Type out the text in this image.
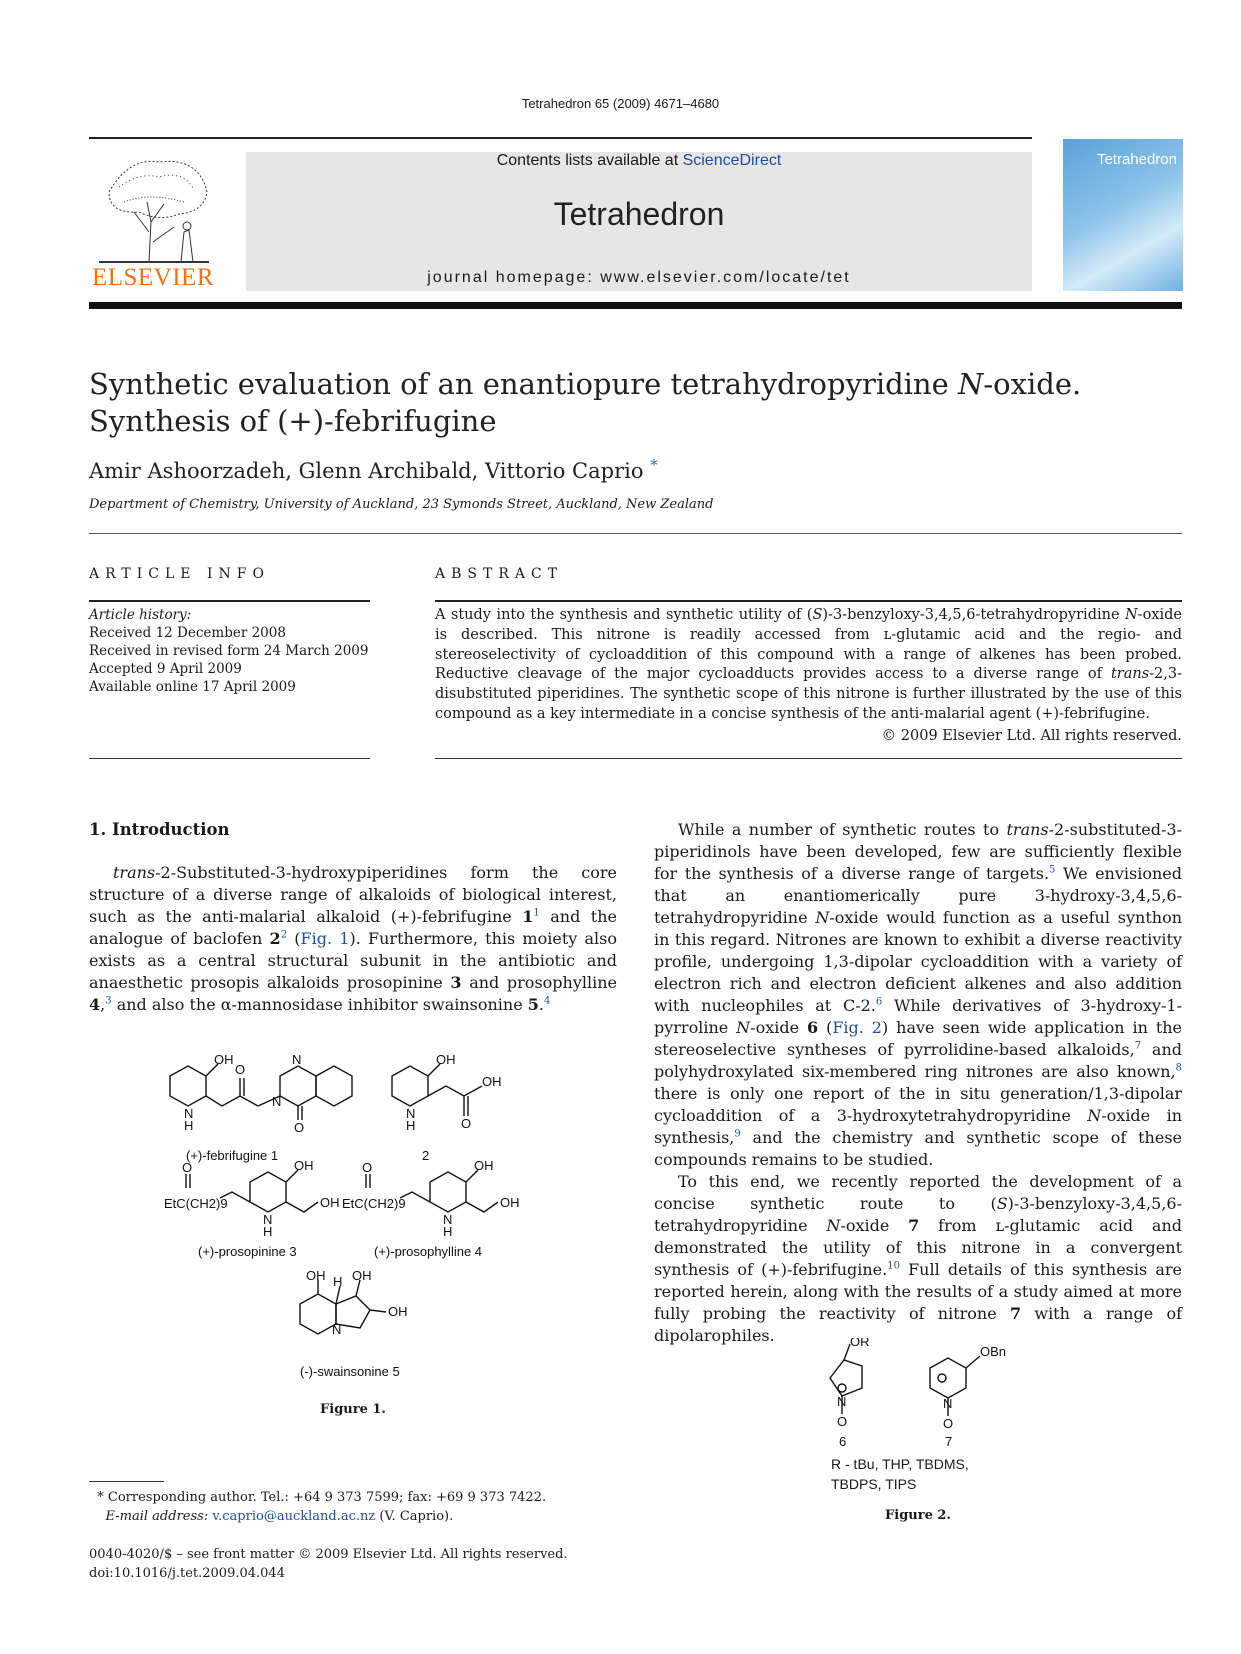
Tetrahedron 65 (2009) 4671–4680
ELSEVIER
Contents lists available at ScienceDirect
Tetrahedron
journal homepage: www.elsevier.com/locate/tet
Tetrahedron
Synthetic evaluation of an enantiopure tetrahydropyridine N-oxide. Synthesis of (+)-febrifugine
Amir Ashoorzadeh, Glenn Archibald, Vittorio Caprio *
Department of Chemistry, University of Auckland, 23 Symonds Street, Auckland, New Zealand
ARTICLE INFO	ABSTRACT
Article history:
Received 12 December 2008
Received in revised form 24 March 2009
Accepted 9 April 2009
Available online 17 April 2009
A study into the synthesis and synthetic utility of (S)-3-benzyloxy-3,4,5,6-tetrahydropyridine N-oxide is described. This nitrone is readily accessed from ʟ-glutamic acid and the regio- and stereoselectivity of cycloaddition of this compound with a range of alkenes has been probed. Reductive cleavage of the major cycloadducts provides access to a diverse range of trans-2,3-disubstituted piperidines. The synthetic scope of this nitrone is further illustrated by the use of this compound as a key intermediate in a concise synthesis of the anti-malarial agent (+)-febrifugine.
© 2009 Elsevier Ltd. All rights reserved.
1. Introduction

trans-2-Substituted-3-hydroxypiperidines form the core structure of a diverse range of alkaloids of biological interest, such as the anti-malarial alkaloid (+)-febrifugine $1^1$ and the analogue of baclofen $2^2$ (Fig. 1). Furthermore, this moiety also exists as a central structural subunit in the antibiotic and anaesthetic prosopis alkaloids prosopinine 3 and prosophylline 4,$^3$ and also the α-mannosidase inhibitor swainsonine 5.$^4$

While a number of synthetic routes to trans-2-substituted-3-piperidinols have been developed, few are sufficiently flexible for the synthesis of a diverse range of targets.$^5$ We envisioned that an enantiomerically pure 3-hydroxy-3,4,5,6-tetrahydropyridine N-oxide would function as a useful synthon in this regard. Nitrones are known to exhibit a diverse reactivity profile, undergoing 1,3-dipolar cycloaddition with a variety of electron rich and electron deficient alkenes and also addition with nucleophiles at C-2.$^6$ While derivatives of 3-hydroxy-1-pyrroline N-oxide 6 (Fig. 2) have seen wide application in the stereoselective syntheses of pyrrolidine-based alkaloids,$^7$ and polyhydroxylated six-membered ring nitrones are also known,$^8$ there is only one report of the in situ generation/1,3-dipolar cycloaddition of a 3-hydroxytetrahydropyridine N-oxide in synthesis,$^9$ and the chemistry and synthetic scope of these compounds remains to be studied.

To this end, we recently reported the development of a concise synthetic route to (S)-3-benzyloxy-3,4,5,6-tetrahydropyridine N-oxide 7 from ʟ-glutamic acid and demonstrated the utility of this nitrone in a convergent synthesis of (+)-febrifugine.$^{10}$ Full details of this synthesis are reported herein, along with the results of a study aimed at more fully probing the reactivity of nitrone 7 with a range of dipolarophiles.

OH
O
O
N
N
N
H
OH
OH
O
N
H
(+)-febrifugine 1	2
OH
OH
O
EtC(CH2)9
N
H
(+)-prosopinine 3
OH
OH
O
EtC(CH2)9
N
H
(+)-prosophylline 4
OH H OH
OH
N
(-)-swainsonine 5
Figure 1.
OR
OBn
N	N
O	O
6	7
R - tBu, THP, TBDMS,
TBDPS, TIPS
Figure 2.
* Corresponding author. Tel.: +64 9 373 7599; fax: +69 9 373 7422.
E-mail address: v.caprio@auckland.ac.nz (V. Caprio).
0040-4020/$ – see front matter © 2009 Elsevier Ltd. All rights reserved.
doi:10.1016/j.tet.2009.04.044
